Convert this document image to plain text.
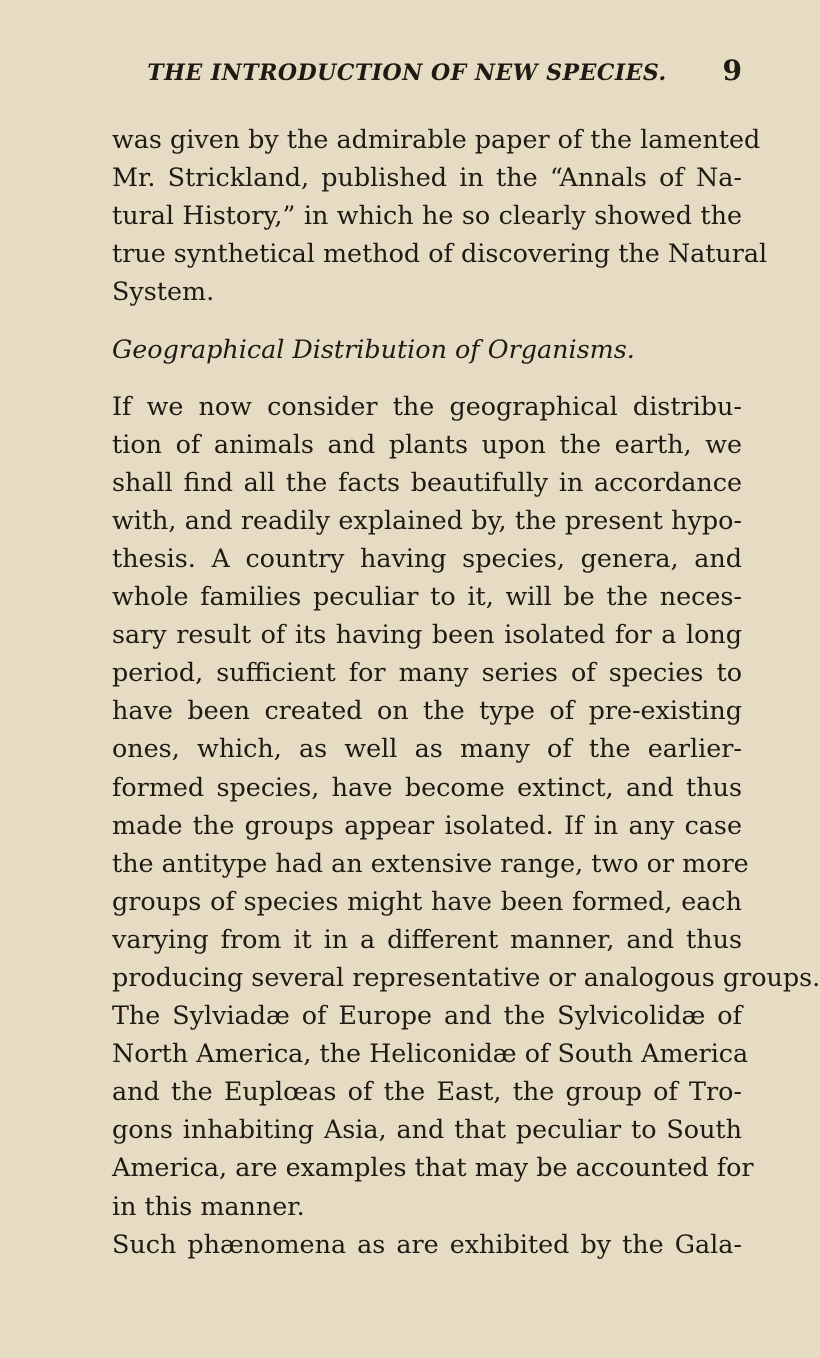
THE INTRODUCTION OF NEW SPECIES.	9
was given by the admirable paper of the lamented
Mr. Strickland, published in the “Annals of Na-
tural History,” in which he so clearly showed the
true synthetical method of discovering the Natural
System.
Geographical Distribution of Organisms.
If we now consider the geographical distribu-
tion of animals and plants upon the earth, we
shall find all the facts beautifully in accordance
with, and readily explained by, the present hypo-
thesis. A country having species, genera, and
whole families peculiar to it, will be the neces-
sary result of its having been isolated for a long
period, sufficient for many series of species to
have been created on the type of pre-existing
ones, which, as well as many of the earlier-
formed species, have become extinct, and thus
made the groups appear isolated. If in any case
the antitype had an extensive range, two or more
groups of species might have been formed, each
varying from it in a different manner, and thus
producing several representative or analogous groups.
The Sylviadæ of Europe and the Sylvicolidæ of
North America, the Heliconidæ of South America
and the Euplœas of the East, the group of Tro-
gons inhabiting Asia, and that peculiar to South
America, are examples that may be accounted for
in this manner.
Such phænomena as are exhibited by the Gala-
